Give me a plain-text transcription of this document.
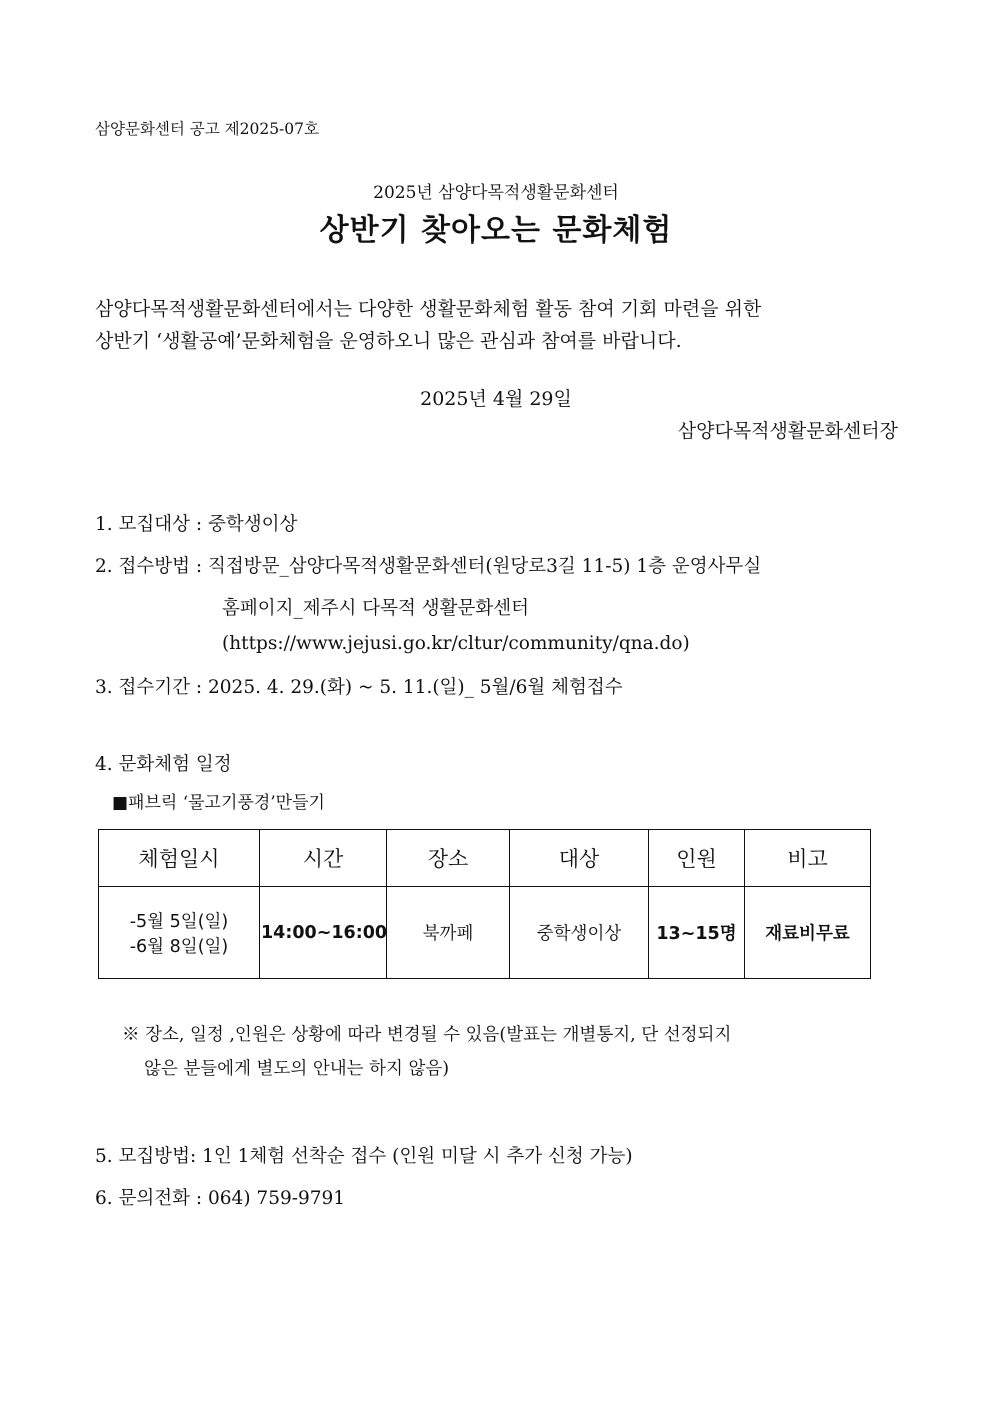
삼양문화센터 공고 제2025-07호
2025년 삼양다목적생활문화센터
상반기 찾아오는 문화체험

삼양다목적생활문화센터에서는 다양한 생활문화체험 활동 참여 기회 마련을 위한

상반기 ‘생활공예’문화체험을 운영하오니 많은 관심과 참여를 바랍니다.

2025년 4월 29일
삼양다목적생활문화센터장
1. 모집대상 : 중학생이상
2. 접수방법 : 직접방문_삼양다목적생활문화센터(원당로3길 11-5) 1층 운영사무실
홈페이지_제주시 다목적 생활문화센터
(https://www.jejusi.go.kr/cltur/community/qna.do)
3. 접수기간 : 2025. 4. 29.(화) ~ 5. 11.(일)_ 5월/6월 체험접수
4. 문화체험 일정
■패브릭 ‘물고기풍경’만들기
체험일시	시간	장소	대상	인원	비고

-5월 5일(일)
-6월 8일(일)	14:00~16:00	북까페	중학생이상	13~15명	재료비무료
※ 장소, 일정 ,인원은 상황에 따라 변경될 수 있음(발표는 개별통지, 단 선정되지
않은 분들에게 별도의 안내는 하지 않음)
5. 모집방법: 1인 1체험 선착순 접수 (인원 미달 시 추가 신청 가능)
6. 문의전화 : 064) 759-9791
